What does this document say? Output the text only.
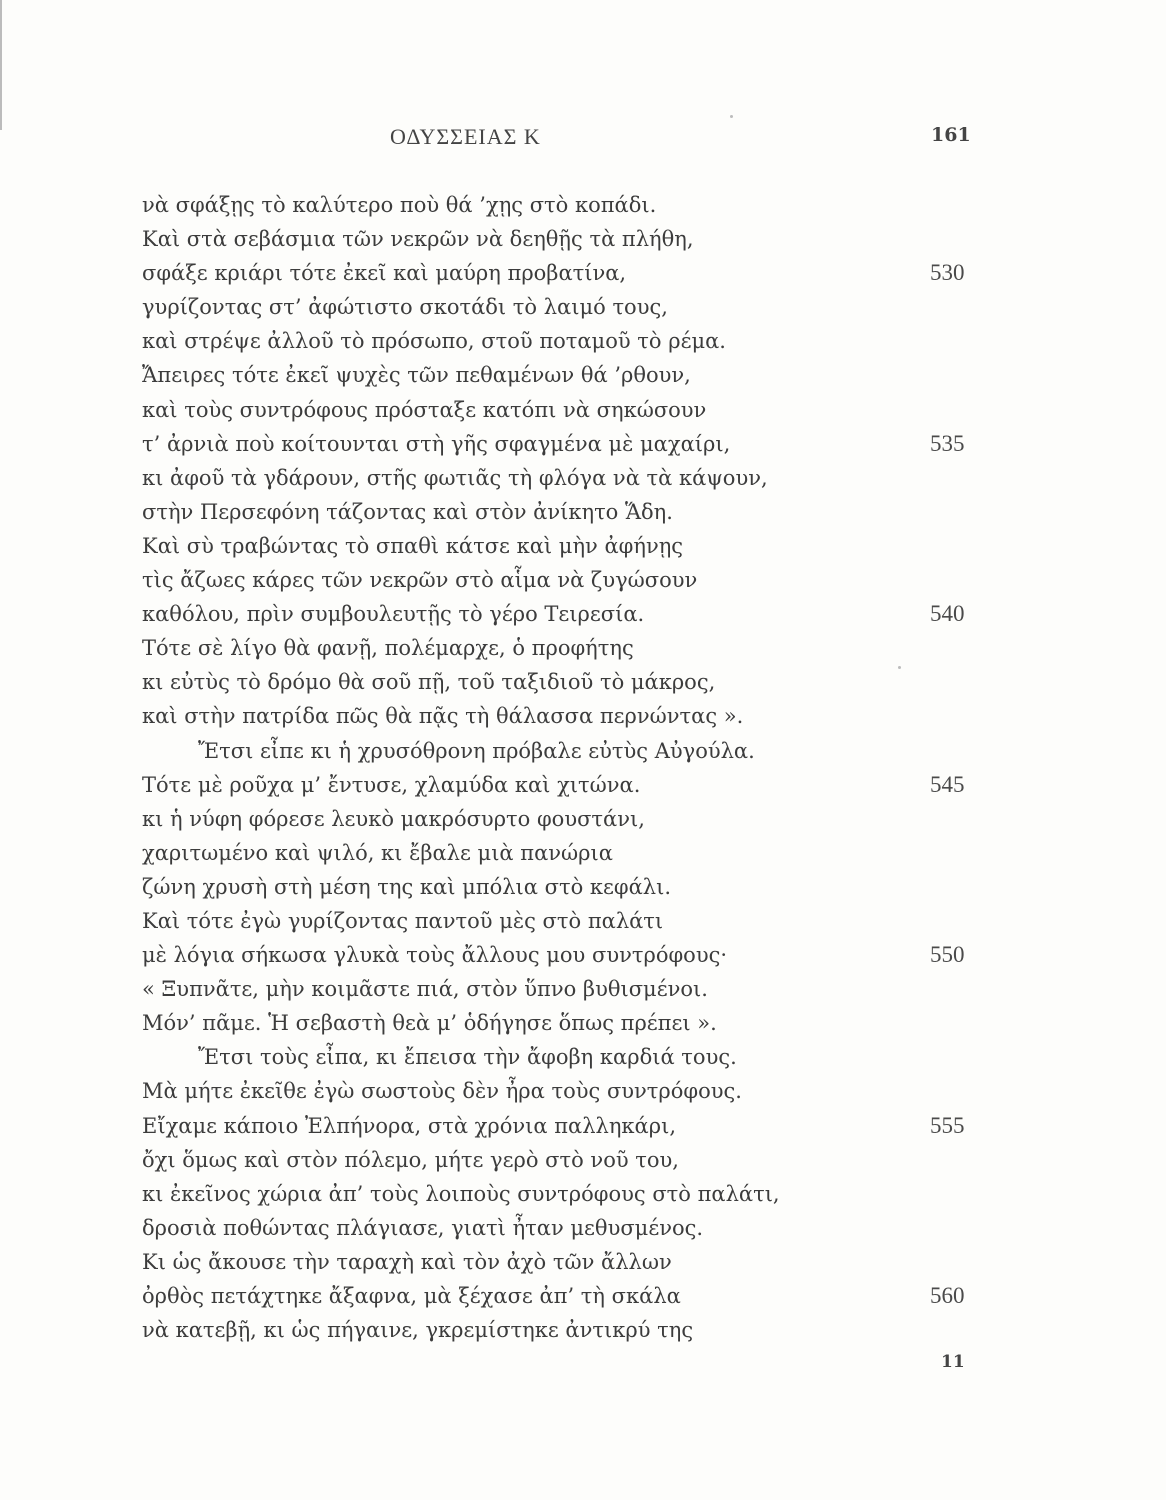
ΟΔΥΣΣΕΙΑΣ Κ	161
νὰ σφάξῃς τὸ καλύτερο ποὺ θά ’χῃς στὸ κοπάδι.
Καὶ στὰ σεβάσμια τῶν νεκρῶν νὰ δεηθῇς τὰ πλήθη,
σφάξε κριάρι τότε ἐκεῖ καὶ μαύρη προβατίνα,	530
γυρίζοντας στ’ ἀφώτιστο σκοτάδι τὸ λαιμό τους,
καὶ στρέψε ἀλλοῦ τὸ πρόσωπο, στοῦ ποταμοῦ τὸ ρέμα.
Ἄπειρες τότε ἐκεῖ ψυχὲς τῶν πεθαμένων θά ’ρθουν,
καὶ τοὺς συντρόφους πρόσταξε κατόπι νὰ σηκώσουν
τ’ ἀρνιὰ ποὺ κοίτουνται στὴ γῆς σφαγμένα μὲ μαχαίρι,	535
κι ἀφοῦ τὰ γδάρουν, στῆς φωτιᾶς τὴ φλόγα νὰ τὰ κάψουν,
στὴν Περσεφόνη τάζοντας καὶ στὸν ἀνίκητο Ἅδη.
Καὶ σὺ τραβώντας τὸ σπαθὶ κάτσε καὶ μὴν ἀφήνῃς
τὶς ἄζωες κάρες τῶν νεκρῶν στὸ αἷμα νὰ ζυγώσουν
καθόλου, πρὶν συμβουλευτῇς τὸ γέρο Τειρεσία.	540
Τότε σὲ λίγο θὰ φανῇ, πολέμαρχε, ὁ προφήτης
κι εὐτὺς τὸ δρόμο θὰ σοῦ πῇ, τοῦ ταξιδιοῦ τὸ μάκρος,
καὶ στὴν πατρίδα πῶς θὰ πᾷς τὴ θάλασσα περνώντας ».
Ἔτσι εἶπε κι ἡ χρυσόθρονη πρόβαλε εὐτὺς Αὐγούλα.
Τότε μὲ ροῦχα μ’ ἔντυσε, χλαμύδα καὶ χιτώνα.	545
κι ἡ νύφη φόρεσε λευκὸ μακρόσυρτο φουστάνι,
χαριτωμένο καὶ ψιλό, κι ἔβαλε μιὰ πανώρια
ζώνη χρυσὴ στὴ μέση της καὶ μπόλια στὸ κεφάλι.
Καὶ τότε ἐγὼ γυρίζοντας παντοῦ μὲς στὸ παλάτι
μὲ λόγια σήκωσα γλυκὰ τοὺς ἄλλους μου συντρόφους·	550
« Ξυπνᾶτε, μὴν κοιμᾶστε πιά, στὸν ὕπνο βυθισμένοι.
Μόν’ πᾶμε. Ἡ σεβαστὴ θεὰ μ’ ὁδήγησε ὅπως πρέπει ».
Ἔτσι τοὺς εἶπα, κι ἔπεισα τὴν ἄφοβη καρδιά τους.
Μὰ μήτε ἐκεῖθε ἐγὼ σωστοὺς δὲν ἦρα τοὺς συντρόφους.
Εἴχαμε κάποιο Ἐλπήνορα, στὰ χρόνια παλληκάρι,	555
ὄχι ὅμως καὶ στὸν πόλεμο, μήτε γερὸ στὸ νοῦ του,
κι ἐκεῖνος χώρια ἀπ’ τοὺς λοιποὺς συντρόφους στὸ παλάτι,
δροσιὰ ποθώντας πλάγιασε, γιατὶ ἦταν μεθυσμένος.
Κι ὡς ἄκουσε τὴν ταραχὴ καὶ τὸν ἀχὸ τῶν ἄλλων
ὀρθὸς πετάχτηκε ἄξαφνα, μὰ ξέχασε ἀπ’ τὴ σκάλα	560
νὰ κατεβῇ, κι ὡς πήγαινε, γκρεμίστηκε ἀντικρύ της
11
